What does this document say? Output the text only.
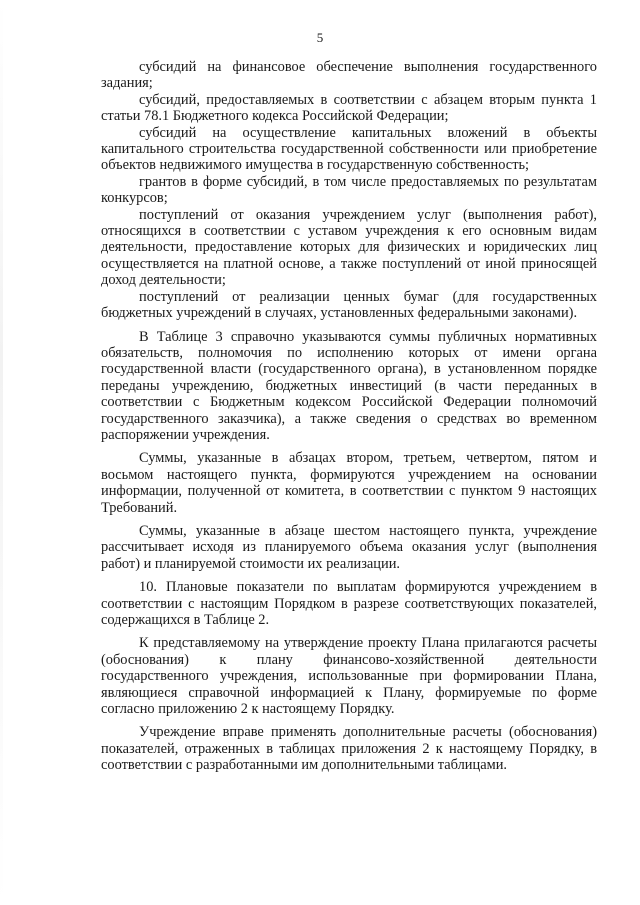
5

субсидий на финансовое обеспечение выполнения государственного задания;

субсидий, предоставляемых в соответствии с абзацем вторым пункта 1 статьи 78.1 Бюджетного кодекса Российской Федерации;

субсидий на осуществление капитальных вложений в объекты капитального строительства государственной собственности или приобретение объектов недвижимого имущества в государственную собственность;

грантов в форме субсидий, в том числе предоставляемых по результатам конкурсов;

поступлений от оказания учреждением услуг (выполнения работ), относящихся в соответствии с уставом учреждения к его основным видам деятельности, предоставление которых для физических и юридических лиц осуществляется на платной основе, а также поступлений от иной приносящей доход деятельности;

поступлений от реализации ценных бумаг (для государственных бюджетных учреждений в случаях, установленных федеральными законами).

В Таблице 3 справочно указываются суммы публичных нормативных обязательств, полномочия по исполнению которых от имени органа государственной власти (государственного органа), в установленном порядке переданы учреждению, бюджетных инвестиций (в части переданных в соответствии с Бюджетным кодексом Российской Федерации полномочий государственного заказчика), а также сведения о средствах во временном распоряжении учреждения.

Суммы, указанные в абзацах втором, третьем, четвертом, пятом и восьмом настоящего пункта, формируются учреждением на основании информации, полученной от комитета, в соответствии с пунктом 9 настоящих Требований.

Суммы, указанные в абзаце шестом настоящего пункта, учреждение рассчитывает исходя из планируемого объема оказания услуг (выполнения работ) и планируемой стоимости их реализации.

10. Плановые показатели по выплатам формируются учреждением в соответствии с настоящим Порядком в разрезе соответствующих показателей, содержащихся в Таблице 2.

К представляемому на утверждение проекту Плана прилагаются расчеты (обоснования) к плану финансово-хозяйственной деятельности государственного учреждения, использованные при формировании Плана, являющиеся справочной информацией к Плану, формируемые по форме согласно приложению 2 к настоящему Порядку.

Учреждение вправе применять дополнительные расчеты (обоснования) показателей, отраженных в таблицах приложения 2 к настоящему Порядку, в соответствии с разработанными им дополнительными таблицами.
